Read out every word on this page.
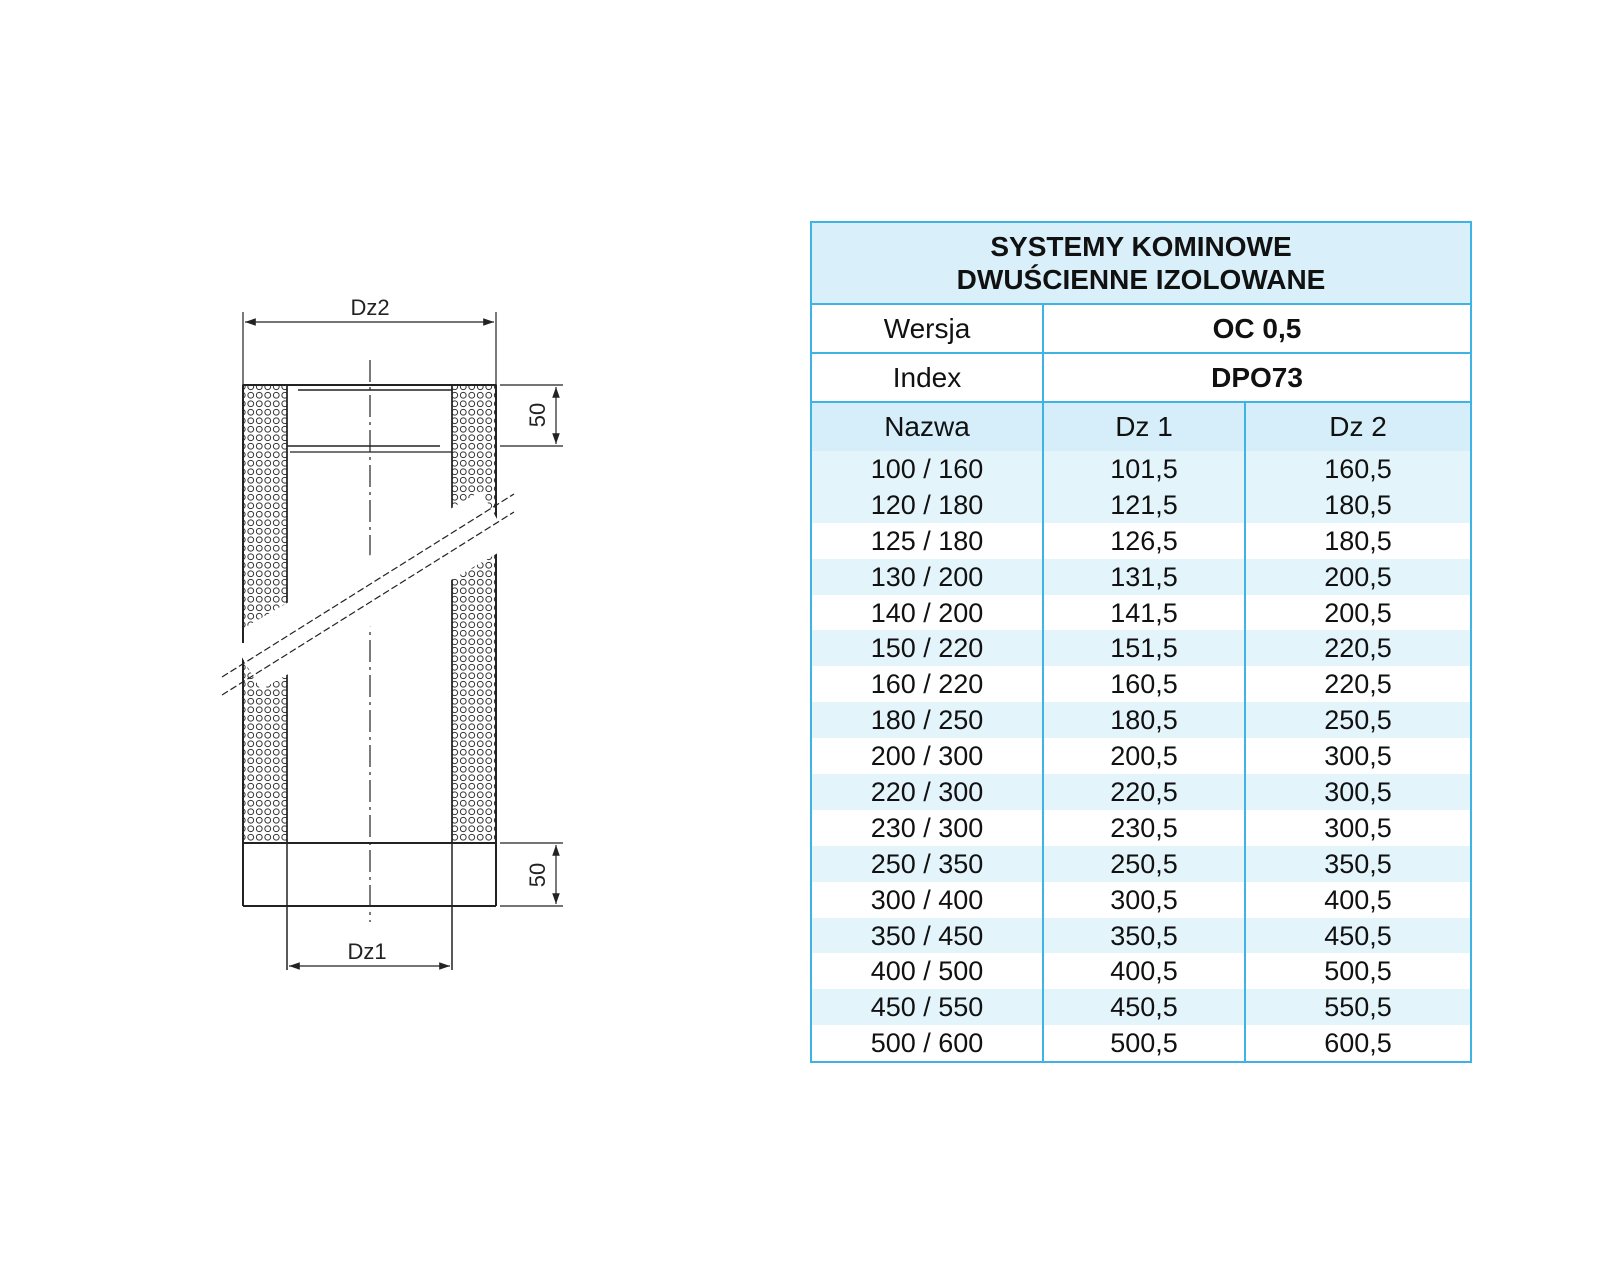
Dz2
Dz1
50
50
SYSTEMY KOMINOWE
DWUŚCIENNE IZOLOWANE		
Wersja	OC 0,5	
Index	DPO73	
Nazwa	Dz 1	Dz 2
100 / 160	101,5	160,5
120 / 180	121,5	180,5
125 / 180	126,5	180,5
130 / 200	131,5	200,5
140 / 200	141,5	200,5
150 / 220	151,5	220,5
160 / 220	160,5	220,5
180 / 250	180,5	250,5
200 / 300	200,5	300,5
220 / 300	220,5	300,5
230 / 300	230,5	300,5
250 / 350	250,5	350,5
300 / 400	300,5	400,5
350 / 450	350,5	450,5
400 / 500	400,5	500,5
450 / 550	450,5	550,5
500 / 600	500,5	600,5
